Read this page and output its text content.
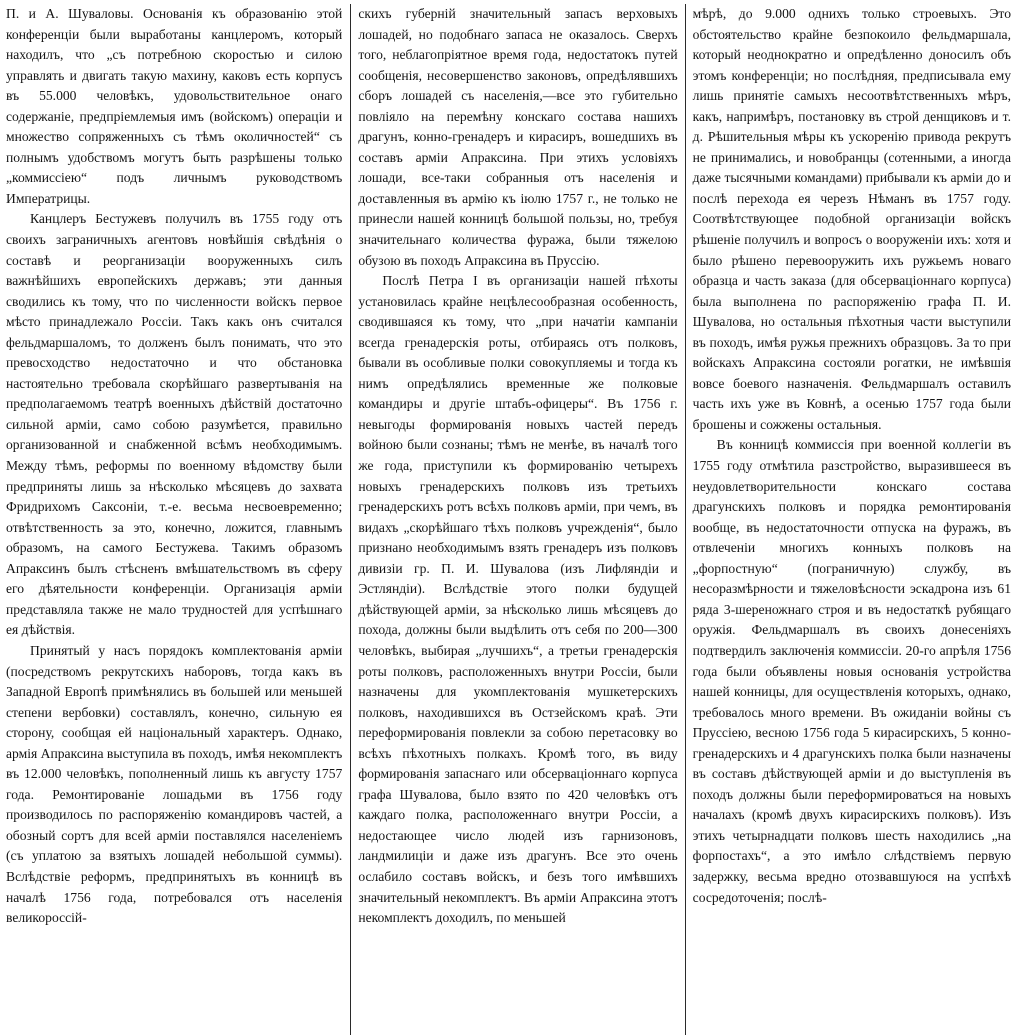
П. и А. Шуваловы. Основанія къ образованію этой конференціи были выработаны канцлеромъ, который находилъ, что „съ потребною скоростью и силою управлять и двигать такую махину, каковъ есть корпусъ въ 55.000 человѣкъ, удовольствительное онаго содержаніе, предпріемлемыя имъ (войскомъ) операціи и множество сопряженныхъ съ тѣмъ околичностей“ съ полнымъ удобствомъ могутъ быть разрѣшены только „коммиссіею“ подъ личнымъ руководствомъ Императрицы.

Канцлеръ Бестужевъ получилъ въ 1755 году отъ своихъ заграничныхъ агентовъ новѣйшія свѣдѣнія о составѣ и реорганизаціи вооруженныхъ силъ важнѣйшихъ европейскихъ державъ; эти данныя сводились къ тому, что по численности войскъ первое мѣсто принадлежало Россіи. Такъ какъ онъ считался фельдмаршаломъ, то долженъ былъ понимать, что это превосходство недостаточно и что обстановка настоятельно требовала скорѣйшаго развертыванія на предполагаемомъ театрѣ военныхъ дѣйствій достаточно сильной арміи, само собою разумѣется, правильно организованной и снабженной всѣмъ необходимымъ. Между тѣмъ, реформы по военному вѣдомству были предприняты лишь за нѣсколько мѣсяцевъ до захвата Фридрихомъ Саксоніи, т.-е. весьма несвоевременно; отвѣтственность за это, конечно, ложится, главнымъ образомъ, на самого Бестужева. Такимъ образомъ Апраксинъ былъ стѣсненъ вмѣшательствомъ въ сферу его дѣятельности конференціи. Организація арміи представляла также не мало трудностей для успѣшнаго ея дѣйствія.

Принятый у насъ порядокъ комплектованія арміи (посредствомъ рекрутскихъ наборовъ, тогда какъ въ Западной Европѣ примѣнялись въ большей или меньшей степени вербовки) составлялъ, конечно, сильную ея сторону, сообщая ей національный характеръ. Однако, армія Апраксина выступила въ походъ, имѣя некомплектъ въ 12.000 человѣкъ, пополненный лишь къ августу 1757 года. Ремонтированіе лошадьми въ 1756 году производилось по распоряженію командировъ частей, а обозный сортъ для всей арміи поставлялся населеніемъ (съ уплатою за взятыхъ лошадей небольшой суммы). Вслѣдствіе реформъ, предпринятыхъ въ конницѣ въ началѣ 1756 года, потребовался отъ населенія великороссій-

скихъ губерній значительный запасъ верховыхъ лошадей, но подобнаго запаса не оказалось. Сверхъ того, неблагопріятное время года, недостатокъ путей сообщенія, несовершенство законовъ, опредѣлявшихъ сборъ лошадей съ населенія,—все это губительно повліяло на перемѣну конскаго состава нашихъ драгунъ, конно-гренадеръ и кирасиръ, вошедшихъ въ составъ арміи Апраксина. При этихъ условіяхъ лошади, все-таки собранныя отъ населенія и доставленныя въ армію къ іюлю 1757 г., не только не принесли нашей конницѣ большой пользы, но, требуя значительнаго количества фуража, были тяжелою обузою въ походъ Апраксина въ Пруссію.

Послѣ Петра I въ организаціи нашей пѣхоты установилась крайне нецѣлесообразная особенность, сводившаяся къ тому, что „при начатіи кампаніи всегда гренадерскія роты, отбираясь отъ полковъ, бывали въ особливые полки совокупляемы и тогда къ нимъ опредѣлялись временные же полковые командиры и другіе штабъ-офицеры“. Въ 1756 г. невыгоды формированія новыхъ частей передъ войною были сознаны; тѣмъ не менѣе, въ началѣ того же года, приступили къ формированію четырехъ новыхъ гренадерскихъ полковъ изъ третьихъ гренадерскихъ ротъ всѣхъ полковъ арміи, при чемъ, въ видахъ „скорѣйшаго тѣхъ полковъ учрежденія“, было признано необходимымъ взять гренадеръ изъ полковъ дивизіи гр. П. И. Шувалова (изъ Лифляндіи и Эстляндіи). Вслѣдствіе этого полки будущей дѣйствующей арміи, за нѣсколько лишь мѣсяцевъ до похода, должны были выдѣлить отъ себя по 200—300 человѣкъ, выбирая „лучшихъ“, а третьи гренадерскія роты полковъ, расположенныхъ внутри Россіи, были назначены для укомплектованія мушкетерскихъ полковъ, находившихся въ Остзейскомъ краѣ. Эти переформированія повлекли за собою перетасовку во всѣхъ пѣхотныхъ полкахъ. Кромѣ того, въ виду формированія запаснаго или обсерваціоннаго корпуса графа Шувалова, было взято по 420 человѣкъ отъ каждаго полка, расположеннаго внутри Россіи, а недостающее число людей изъ гарнизоновъ, ландмилиціи и даже изъ драгунъ. Все это очень ослабило составъ войскъ, и безъ того имѣвшихъ значительный некомплектъ. Въ арміи Апраксина этотъ некомплектъ доходилъ, по меньшей

мѣрѣ, до 9.000 однихъ только строевыхъ. Это обстоятельство крайне безпокоило фельдмаршала, который неоднократно и опредѣленно доносилъ объ этомъ конференціи; но послѣдняя, предписывала ему лишь принятіе самыхъ несоотвѣтственныхъ мѣръ, какъ, напримѣръ, постановку въ строй денщиковъ и т. д. Рѣшительныя мѣры къ ускоренію привода рекрутъ не принимались, и новобранцы (сотенными, а иногда даже тысячными командами) прибывали къ арміи до и послѣ перехода ея черезъ Нѣманъ въ 1757 году. Соотвѣтствующее подобной организаціи войскъ рѣшеніе получилъ и вопросъ о вооруженіи ихъ: хотя и было рѣшено перевооружить ихъ ружьемъ новаго образца и часть заказа (для обсерваціоннаго корпуса) была выполнена по распоряженію графа П. И. Шувалова, но остальныя пѣхотныя части выступили въ походъ, имѣя ружья прежнихъ образцовъ. За то при войскахъ Апраксина состояли рогатки, не имѣвшія вовсе боевого назначенія. Фельдмаршалъ оставилъ часть ихъ уже въ Ковнѣ, а осенью 1757 года были брошены и сожжены остальныя.

Въ конницѣ коммиссія при военной коллегіи въ 1755 году отмѣтила разстройство, выразившееся въ неудовлетворительности конскаго состава драгунскихъ полковъ и порядка ремонтированія вообще, въ недостаточности отпуска на фуражъ, въ отвлеченіи многихъ конныхъ полковъ на „форпостную“ (пограничную) службу, въ несоразмѣрности и тяжеловѣсности эскадрона изъ 61 ряда 3-шереножнаго строя и въ недостаткѣ рубящаго оружія. Фельдмаршалъ въ своихъ донесеніяхъ подтвердилъ заключенія коммиссіи. 20-го апрѣля 1756 года были объявлены новыя основанія устройства нашей конницы, для осуществленія которыхъ, однако, требовалось много времени. Въ ожиданіи войны съ Пруссіею, весною 1756 года 5 кирасирскихъ, 5 конно-гренадерскихъ и 4 драгунскихъ полка были назначены въ составъ дѣйствующей арміи и до выступленія въ походъ должны были переформироваться на новыхъ началахъ (кромѣ двухъ кирасирскихъ полковъ). Изъ этихъ четырнадцати полковъ шесть находились „на форпостахъ“, а это имѣло слѣдствіемъ первую задержку, весьма вредно отозвавшуюся на успѣхѣ сосредоточенія; послѣ-
